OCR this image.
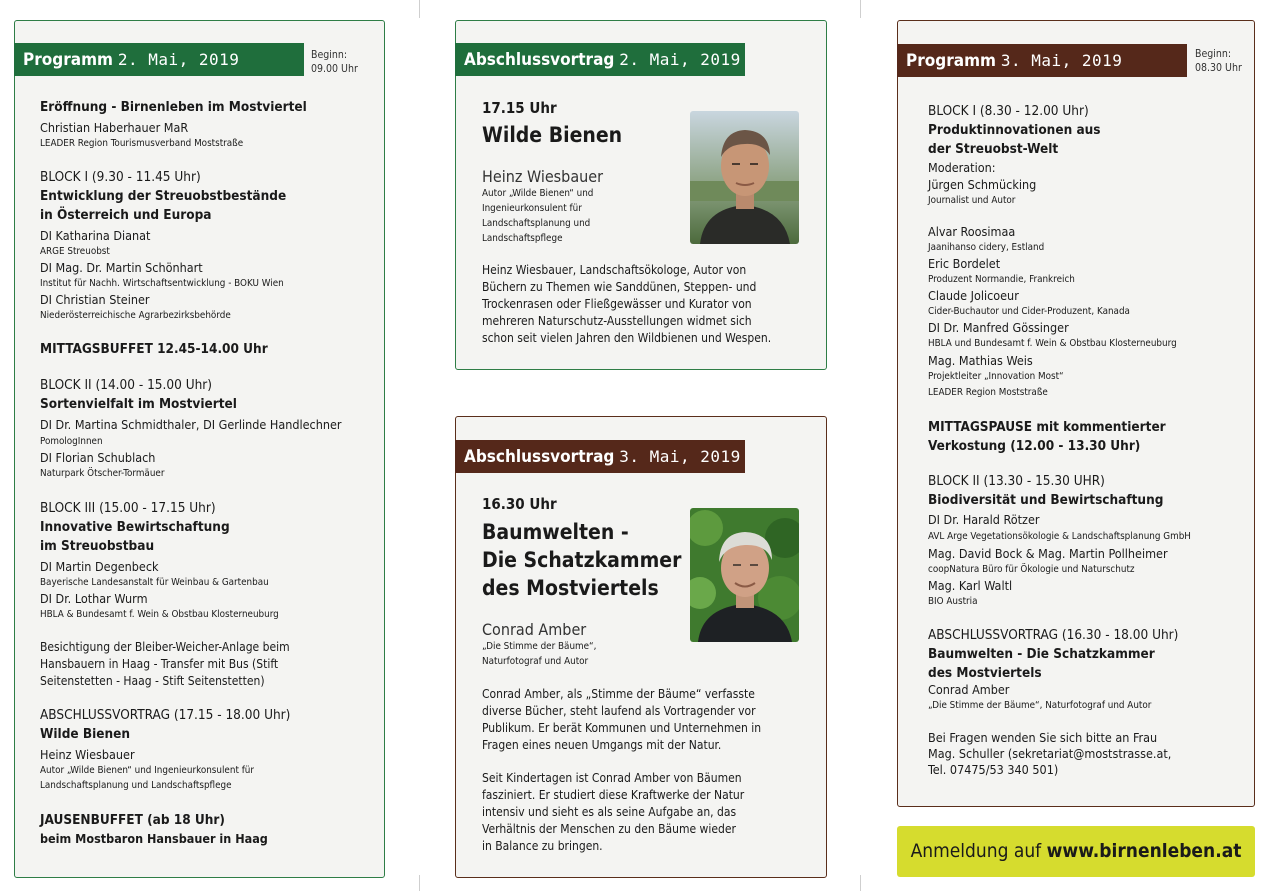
Programm 2. Mai, 2019	Beginn:
09.00 Uhr
Eröffnung - Birnenleben im Mostviertel
Christian Haberhauer MaR
LEADER Region Tourismusverband Moststraße
BLOCK I (9.30 - 11.45 Uhr)
Entwicklung der Streuobstbestände
in Österreich und Europa
DI Katharina Dianat
ARGE Streuobst
DI Mag. Dr. Martin Schönhart
Institut für Nachh. Wirtschaftsentwicklung - BOKU Wien
DI Christian Steiner
Niederösterreichische Agrarbezirksbehörde
MITTAGSBUFFET 12.45-14.00 Uhr
BLOCK II (14.00 - 15.00 Uhr)
Sortenvielfalt im Mostviertel
DI Dr. Martina Schmidthaler, DI Gerlinde Handlechner
PomologInnen
DI Florian Schublach
Naturpark Ötscher-Tormäuer
BLOCK III (15.00 - 17.15 Uhr)
Innovative Bewirtschaftung
im Streuobstbau
DI Martin Degenbeck
Bayerische Landesanstalt für Weinbau & Gartenbau
DI Dr. Lothar Wurm
HBLA & Bundesamt f. Wein & Obstbau Klosterneuburg
Besichtigung der Bleiber-Weicher-Anlage beim
Hansbauern in Haag - Transfer mit Bus (Stift
Seitenstetten - Haag - Stift Seitenstetten)
ABSCHLUSSVORTRAG (17.15 - 18.00 Uhr)
Wilde Bienen
Heinz Wiesbauer
Autor „Wilde Bienen“ und Ingenieurkonsulent für
Landschaftsplanung und Landschaftspflege
JAUSENBUFFET (ab 18 Uhr)
beim Mostbaron Hansbauer in Haag
Abschlussvortrag 2. Mai, 2019
17.15 Uhr
Wilde Bienen
Heinz Wiesbauer
Autor „Wilde Bienen“ und
Ingenieurkonsulent für
Landschaftsplanung und
Landschaftspflege
Heinz Wiesbauer, Landschaftsökologe, Autor von
Büchern zu Themen wie Sanddünen, Steppen- und
Trockenrasen oder Fließgewässer und Kurator von
mehreren Naturschutz-Ausstellungen widmet sich
schon seit vielen Jahren den Wildbienen und Wespen.
Abschlussvortrag 3. Mai, 2019
16.30 Uhr
Baumwelten -
Die Schatzkammer
des Mostviertels
Conrad Amber
„Die Stimme der Bäume“,
Naturfotograf und Autor
Conrad Amber, als „Stimme der Bäume“ verfasste
diverse Bücher, steht laufend als Vortragender vor
Publikum. Er berät Kommunen und Unternehmen in
Fragen eines neuen Umgangs mit der Natur.
Seit Kindertagen ist Conrad Amber von Bäumen
fasziniert. Er studiert diese Kraftwerke der Natur
intensiv und sieht es als seine Aufgabe an, das
Verhältnis der Menschen zu den Bäume wieder
in Balance zu bringen.
Programm 3. Mai, 2019	Beginn:
08.30 Uhr
BLOCK I (8.30 - 12.00 Uhr)
Produktinnovationen aus
der Streuobst-Welt
Moderation:
Jürgen Schmücking
Journalist und Autor
Alvar Roosimaa
Jaanihanso cidery, Estland
Eric Bordelet
Produzent Normandie, Frankreich
Claude Jolicoeur
Cider-Buchautor und Cider-Produzent, Kanada
DI Dr. Manfred Gössinger
HBLA und Bundesamt f. Wein & Obstbau Klosterneuburg
Mag. Mathias Weis
Projektleiter „Innovation Most“
LEADER Region Moststraße
MITTAGSPAUSE mit kommentierter
Verkostung (12.00 - 13.30 Uhr)
BLOCK II (13.30 - 15.30 UHR)
Biodiversität und Bewirtschaftung
DI Dr. Harald Rötzer
AVL Arge Vegetationsökologie & Landschaftsplanung GmbH
Mag. David Bock & Mag. Martin Pollheimer
coopNatura Büro für Ökologie und Naturschutz
Mag. Karl Waltl
BIO Austria
ABSCHLUSSVORTRAG (16.30 - 18.00 Uhr)
Baumwelten - Die Schatzkammer
des Mostviertels
Conrad Amber
„Die Stimme der Bäume“, Naturfotograf und Autor
Bei Fragen wenden Sie sich bitte an Frau
Mag. Schuller (sekretariat@moststrasse.at,
Tel. 07475/53 340 501)
Anmeldung auf www.birnenleben.at
